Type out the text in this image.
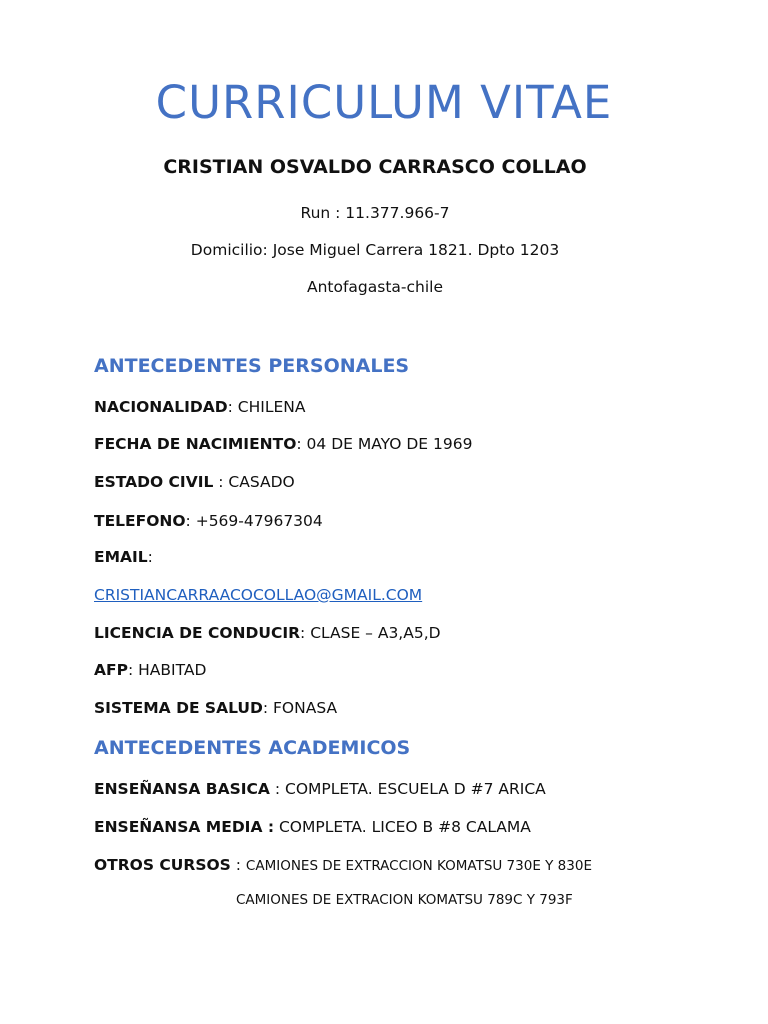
CURRICULUM VITAE
CRISTIAN OSVALDO CARRASCO COLLAO
Run : 11.377.966-7
Domicilio: Jose Miguel Carrera 1821. Dpto 1203
Antofagasta-chile
ANTECEDENTES PERSONALES
NACIONALIDAD: CHILENA
FECHA DE NACIMIENTO: 04 DE MAYO DE 1969
ESTADO CIVIL : CASADO
TELEFONO: +569-47967304
EMAIL:
CRISTIANCARRAACOCOLLAO@GMAIL.COM
LICENCIA DE CONDUCIR: CLASE – A3,A5,D
AFP: HABITAD
SISTEMA DE SALUD: FONASA
ANTECEDENTES ACADEMICOS
ENSEÑANSA BASICA : COMPLETA. ESCUELA D #7 ARICA
ENSEÑANSA MEDIA : COMPLETA. LICEO B #8 CALAMA
OTROS CURSOS : CAMIONES DE EXTRACCION KOMATSU 730E Y 830E
CAMIONES DE EXTRACION KOMATSU 789C Y 793F
